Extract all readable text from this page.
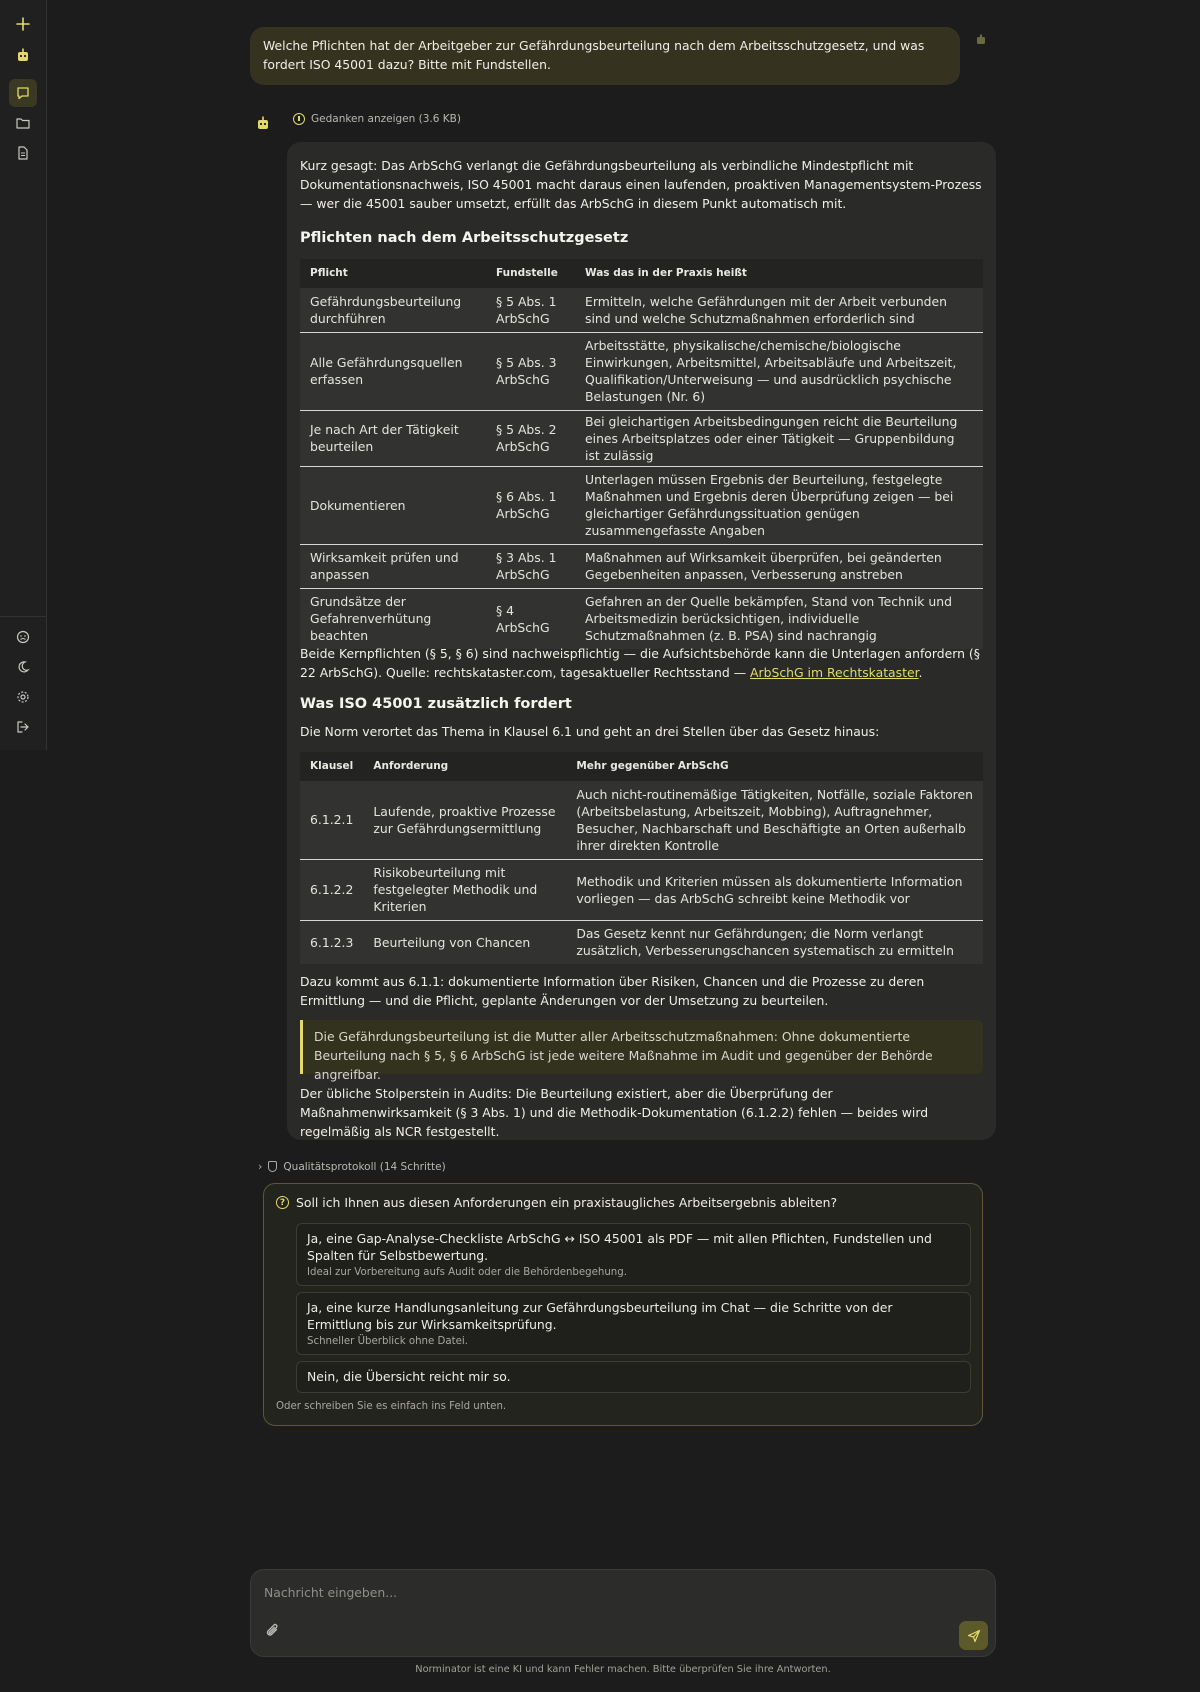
Welche Pflichten hat der Arbeitgeber zur Gefährdungsbeurteilung nach dem Arbeitsschutzgesetz, und was fordert ISO 45001 dazu? Bitte mit Fundstellen.
Gedanken anzeigen (3.6 KB)

Kurz gesagt: Das ArbSchG verlangt die Gefährdungsbeurteilung als verbindliche Mindestpflicht mit Dokumentationsnachweis, ISO 45001 macht daraus einen laufenden, proaktiven Managementsystem-Prozess — wer die 45001 sauber umsetzt, erfüllt das ArbSchG in diesem Punkt automatisch mit.

Pflichten nach dem Arbeitsschutzgesetz
Pflicht	Fundstelle	Was das in der Praxis heißt
Gefährdungsbeurteilung durchführen	§ 5 Abs. 1 ArbSchG	Ermitteln, welche Gefährdungen mit der Arbeit verbunden sind und welche Schutzmaßnahmen erforderlich sind
Alle Gefährdungsquellen erfassen	§ 5 Abs. 3 ArbSchG	Arbeitsstätte, physikalische/chemische/biologische Einwirkungen, Arbeitsmittel, Arbeitsabläufe und Arbeitszeit, Qualifikation/Unterweisung — und ausdrücklich psychische Belastungen (Nr. 6)
Je nach Art der Tätigkeit beurteilen	§ 5 Abs. 2 ArbSchG	Bei gleichartigen Arbeitsbedingungen reicht die Beurteilung eines Arbeitsplatzes oder einer Tätigkeit — Gruppenbildung ist zulässig
Dokumentieren	§ 6 Abs. 1 ArbSchG	Unterlagen müssen Ergebnis der Beurteilung, festgelegte Maßnahmen und Ergebnis deren Überprüfung zeigen — bei gleichartiger Gefährdungssituation genügen zusammengefasste Angaben
Wirksamkeit prüfen und anpassen	§ 3 Abs. 1 ArbSchG	Maßnahmen auf Wirksamkeit überprüfen, bei geänderten Gegebenheiten anpassen, Verbesserung anstreben
Grundsätze der Gefahrenverhütung beachten	§ 4 ArbSchG	Gefahren an der Quelle bekämpfen, Stand von Technik und Arbeitsmedizin berücksichtigen, individuelle Schutzmaßnahmen (z. B. PSA) sind nachrangig

Beide Kernpflichten (§ 5, § 6) sind nachweispflichtig — die Aufsichtsbehörde kann die Unterlagen anfordern (§ 22 ArbSchG). Quelle: rechtskataster.com, tagesaktueller Rechtsstand — ArbSchG im Rechtskataster.

Was ISO 45001 zusätzlich fordert

Die Norm verortet das Thema in Klausel 6.1 und geht an drei Stellen über das Gesetz hinaus:

Klausel	Anforderung	Mehr gegenüber ArbSchG
6.1.2.1	Laufende, proaktive Prozesse zur Gefährdungsermittlung	Auch nicht-routinemäßige Tätigkeiten, Notfälle, soziale Faktoren (Arbeitsbelastung, Arbeitszeit, Mobbing), Auftragnehmer, Besucher, Nachbarschaft und Beschäftigte an Orten außerhalb ihrer direkten Kontrolle
6.1.2.2	Risikobeurteilung mit festgelegter Methodik und Kriterien	Methodik und Kriterien müssen als dokumentierte Information vorliegen — das ArbSchG schreibt keine Methodik vor
6.1.2.3	Beurteilung von Chancen	Das Gesetz kennt nur Gefährdungen; die Norm verlangt zusätzlich, Verbesserungschancen systematisch zu ermitteln

Dazu kommt aus 6.1.1: dokumentierte Information über Risiken, Chancen und die Prozesse zu deren Ermittlung — und die Pflicht, geplante Änderungen vor der Umsetzung zu beurteilen.

Die Gefährdungsbeurteilung ist die Mutter aller Arbeitsschutzmaßnahmen: Ohne dokumentierte Beurteilung nach § 5, § 6 ArbSchG ist jede weitere Maßnahme im Audit und gegenüber der Behörde angreifbar.

Der übliche Stolperstein in Audits: Die Beurteilung existiert, aber die Überprüfung der Maßnahmenwirksamkeit (§ 3 Abs. 1) und die Methodik-Dokumentation (6.1.2.2) fehlen — beides wird regelmäßig als NCR festgestellt.

› Qualitätsprotokoll (14 Schritte)
? Soll ich Ihnen aus diesen Anforderungen ein praxistaugliches Arbeitsergebnis ableiten?
Ja, eine Gap-Analyse-Checkliste ArbSchG ↔ ISO 45001 als PDF — mit allen Pflichten, Fundstellen und Spalten für Selbstbewertung.
Ideal zur Vorbereitung aufs Audit oder die Behördenbegehung.
Ja, eine kurze Handlungsanleitung zur Gefährdungsbeurteilung im Chat — die Schritte von der Ermittlung bis zur Wirksamkeitsprüfung.
Schneller Überblick ohne Datei.
Nein, die Übersicht reicht mir so.
Oder schreiben Sie es einfach ins Feld unten.
Nachricht eingeben...
Norminator ist eine KI und kann Fehler machen. Bitte überprüfen Sie ihre Antworten.
